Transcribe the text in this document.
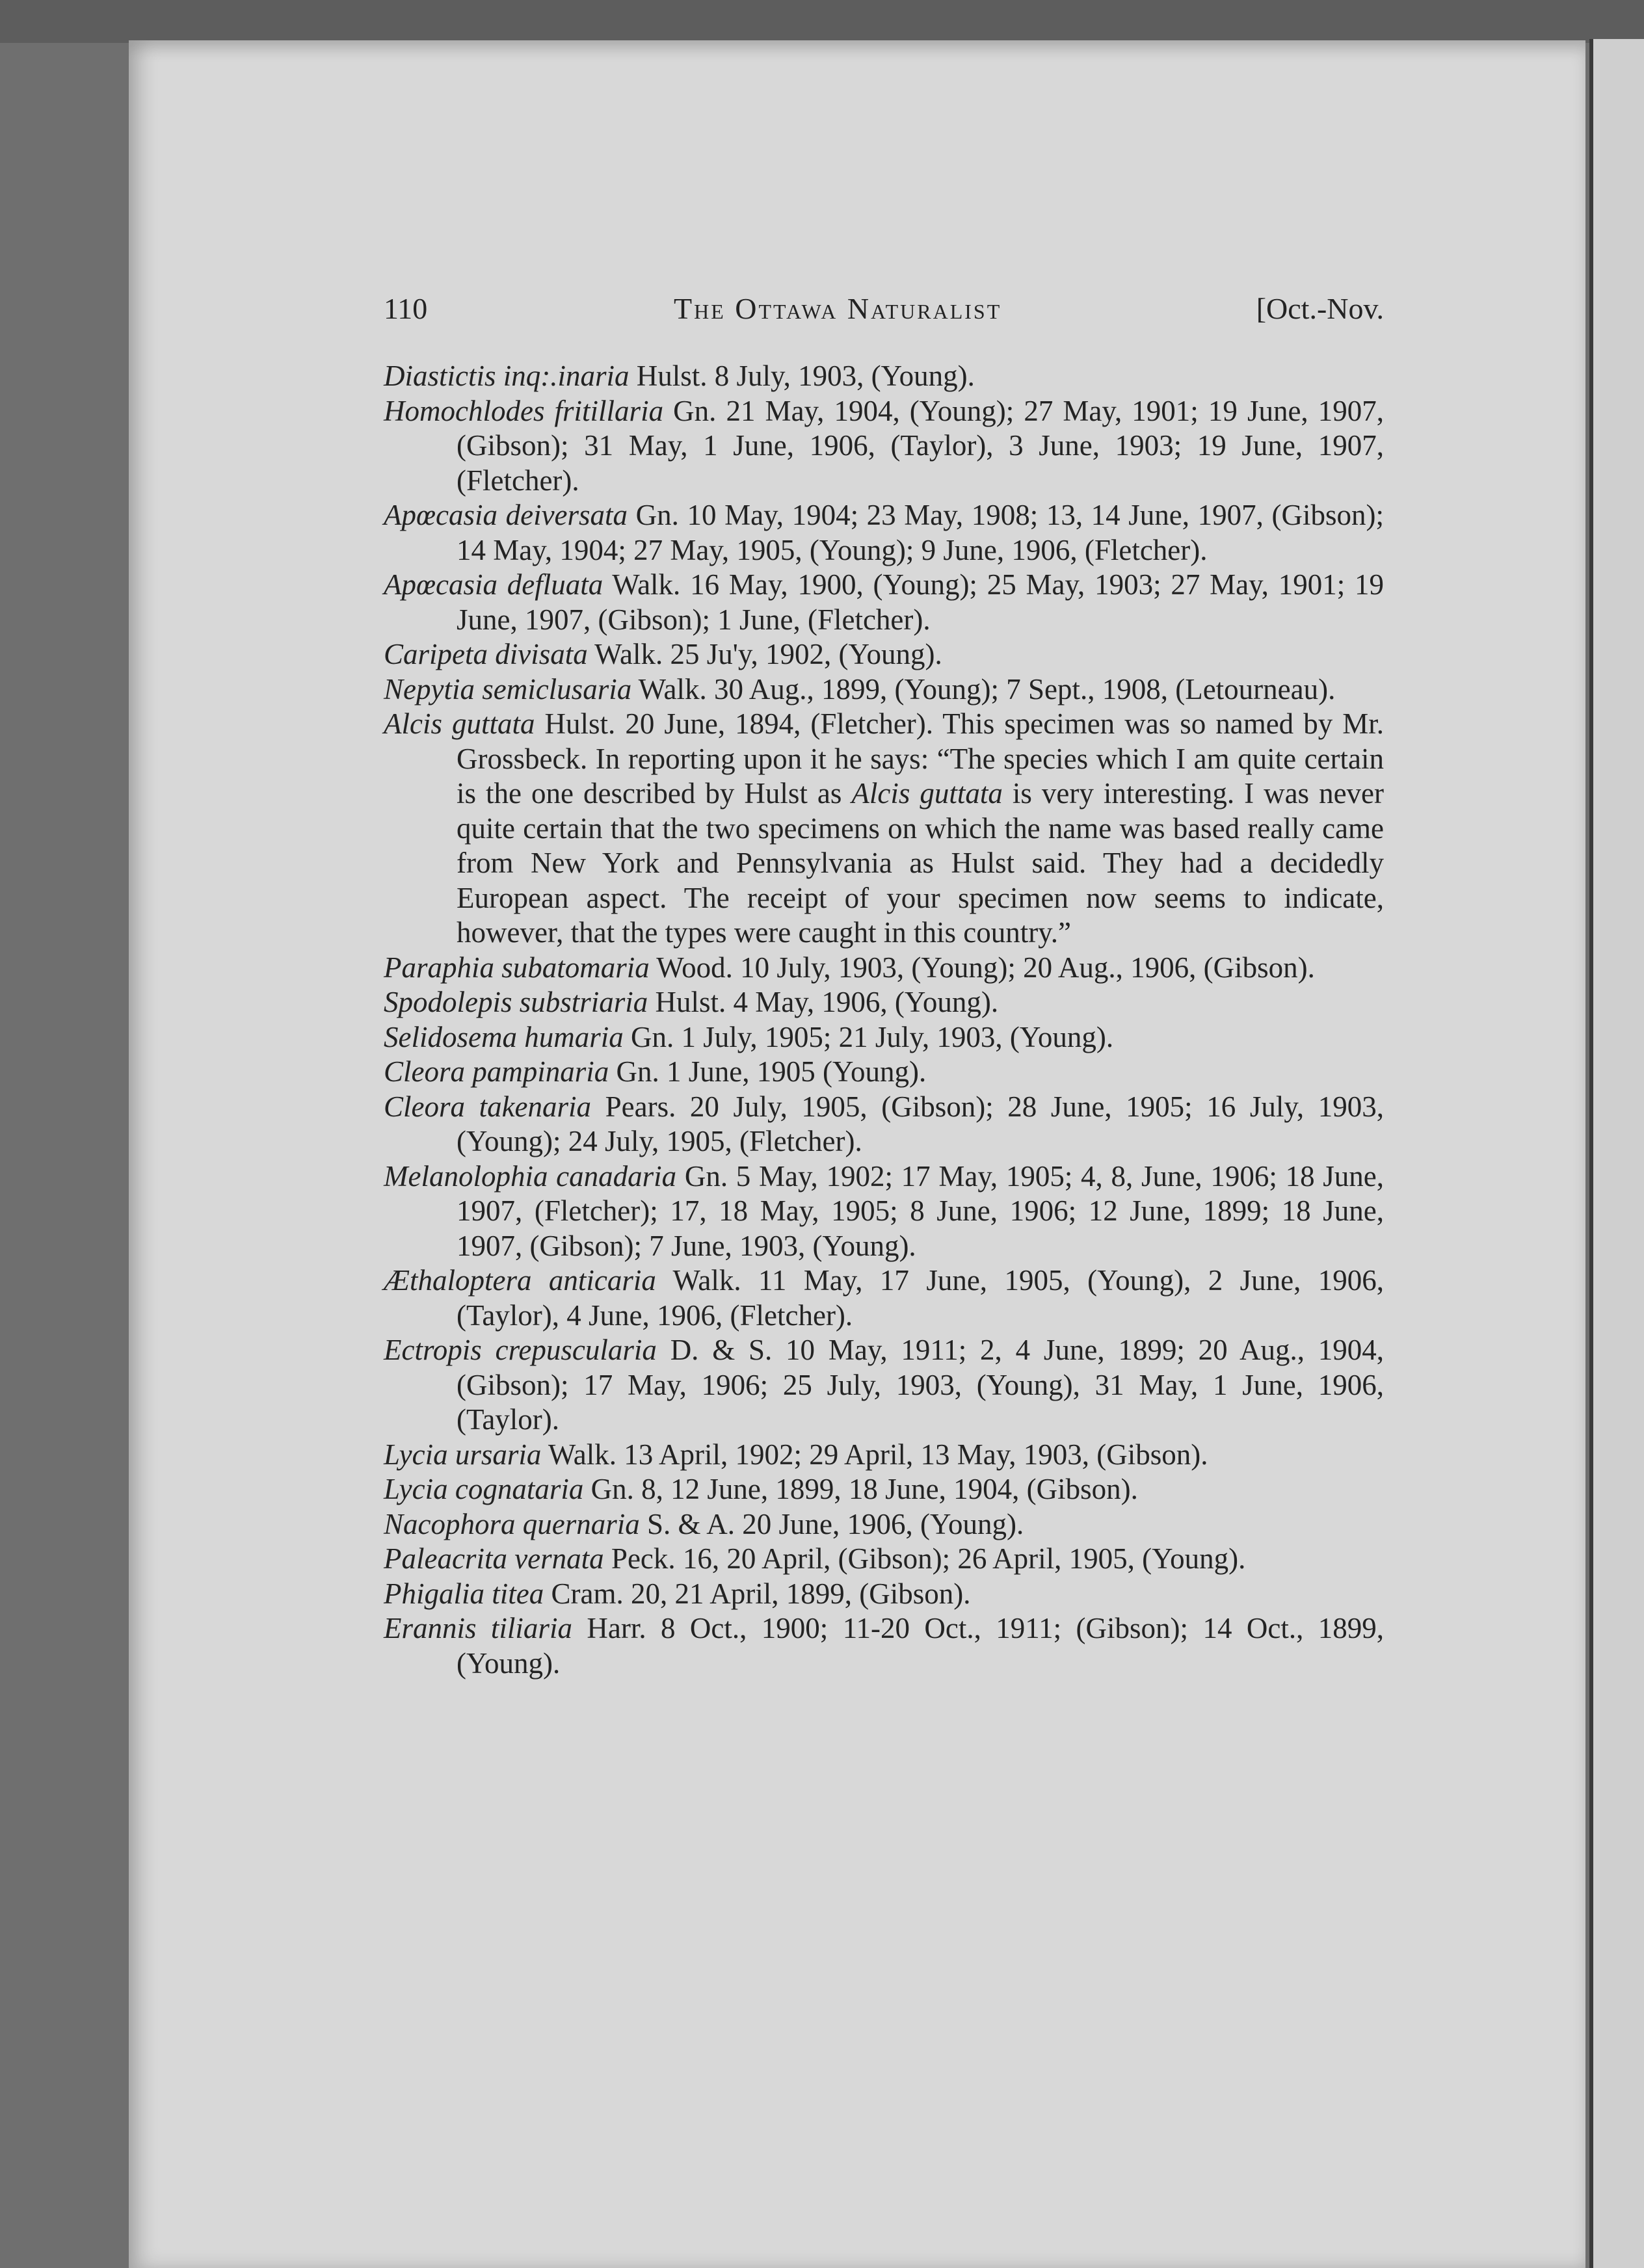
110	The Ottawa Naturalist	[Oct.-Nov.

Diastictis inq:.inaria Hulst. 8 July, 1903, (Young).

Homochlodes fritillaria Gn. 21 May, 1904, (Young); 27 May, 1901; 19 June, 1907, (Gibson); 31 May, 1 June, 1906, (Taylor), 3 June, 1903; 19 June, 1907, (Fletcher).

Apœcasia deiversata Gn. 10 May, 1904; 23 May, 1908; 13, 14 June, 1907, (Gibson); 14 May, 1904; 27 May, 1905, (Young); 9 June, 1906, (Fletcher).

Apœcasia defluata Walk. 16 May, 1900, (Young); 25 May, 1903; 27 May, 1901; 19 June, 1907, (Gibson); 1 June, (Fletcher).

Caripeta divisata Walk. 25 Ju'y, 1902, (Young).

Nepytia semiclusaria Walk. 30 Aug., 1899, (Young); 7 Sept., 1908, (Letourneau).

Alcis guttata Hulst. 20 June, 1894, (Fletcher). This specimen was so named by Mr. Grossbeck. In reporting upon it he says: “The species which I am quite certain is the one described by Hulst as Alcis guttata is very interesting. I was never quite certain that the two specimens on which the name was based really came from New York and Pennsylvania as Hulst said. They had a decidedly European aspect. The receipt of your specimen now seems to indicate, however, that the types were caught in this country.”

Paraphia subatomaria Wood. 10 July, 1903, (Young); 20 Aug., 1906, (Gibson).

Spodolepis substriaria Hulst. 4 May, 1906, (Young).

Selidosema humaria Gn. 1 July, 1905; 21 July, 1903, (Young).

Cleora pampinaria Gn. 1 June, 1905 (Young).

Cleora takenaria Pears. 20 July, 1905, (Gibson); 28 June, 1905; 16 July, 1903, (Young); 24 July, 1905, (Fletcher).

Melanolophia canadaria Gn. 5 May, 1902; 17 May, 1905; 4, 8, June, 1906; 18 June, 1907, (Fletcher); 17, 18 May, 1905; 8 June, 1906; 12 June, 1899; 18 June, 1907, (Gibson); 7 June, 1903, (Young).

Æthaloptera anticaria Walk. 11 May, 17 June, 1905, (Young), 2 June, 1906, (Taylor), 4 June, 1906, (Fletcher).

Ectropis crepuscularia D. & S. 10 May, 1911; 2, 4 June, 1899; 20 Aug., 1904, (Gibson); 17 May, 1906; 25 July, 1903, (Young), 31 May, 1 June, 1906, (Taylor).

Lycia ursaria Walk. 13 April, 1902; 29 April, 13 May, 1903, (Gibson).

Lycia cognataria Gn. 8, 12 June, 1899, 18 June, 1904, (Gibson).

Nacophora quernaria S. & A. 20 June, 1906, (Young).

Paleacrita vernata Peck. 16, 20 April, (Gibson); 26 April, 1905, (Young).

Phigalia titea Cram. 20, 21 April, 1899, (Gibson).

Erannis tiliaria Harr. 8 Oct., 1900; 11-20 Oct., 1911; (Gibson); 14 Oct., 1899, (Young).
